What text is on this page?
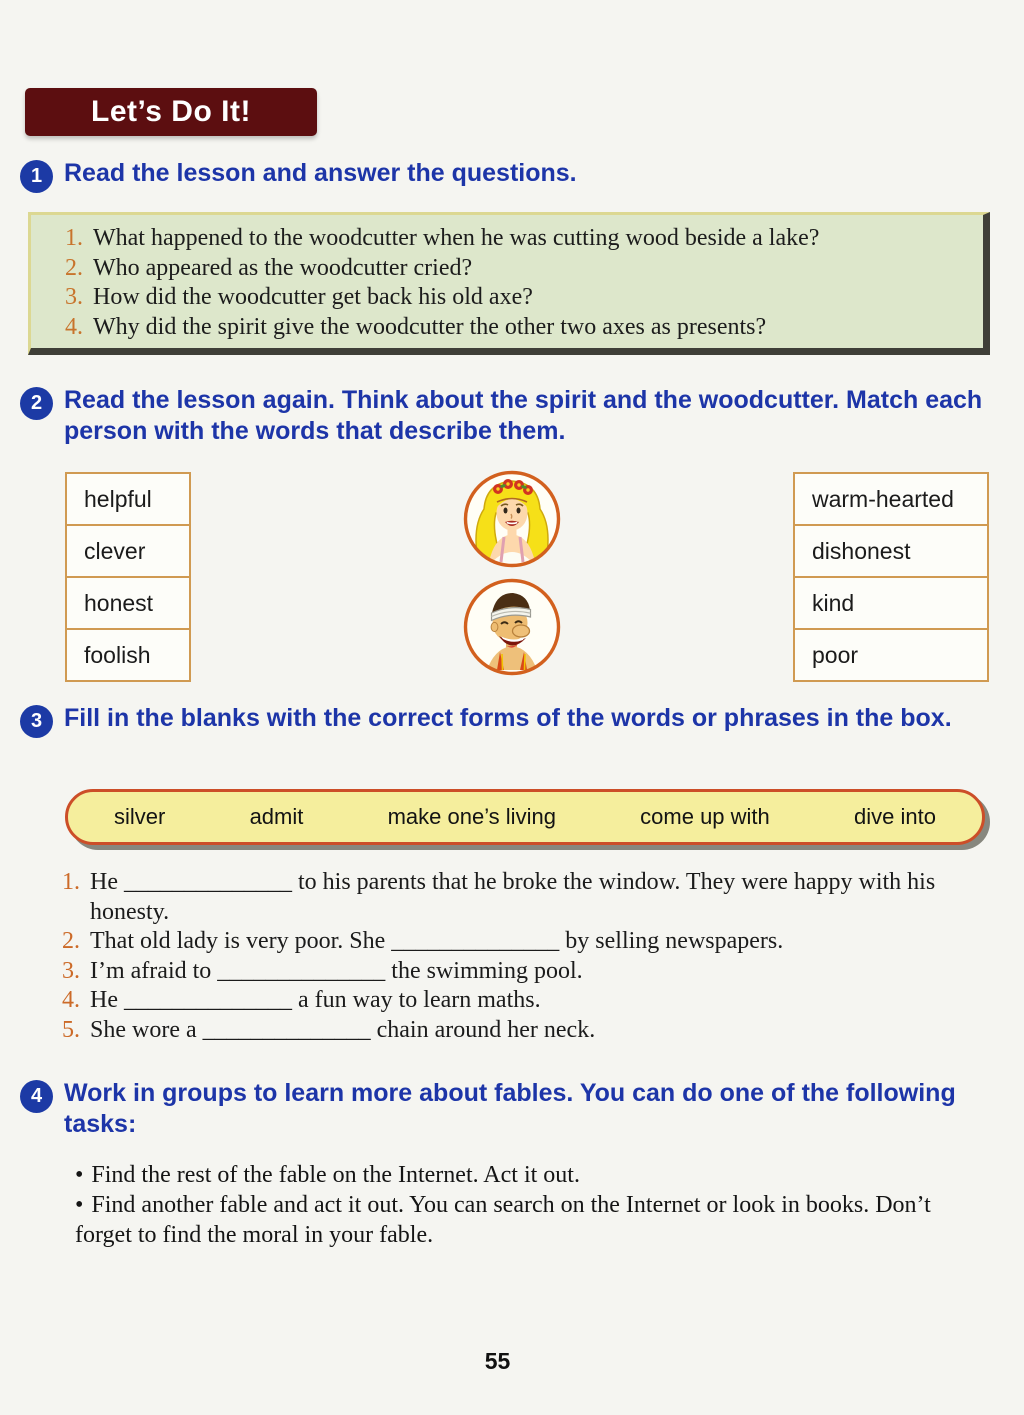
Let’s Do It!
1 Read the lesson and answer the questions.
1. What happened to the woodcutter when he was cutting wood beside a lake?
2. Who appeared as the woodcutter cried?
3. How did the woodcutter get back his old axe?
4. Why did the spirit give the woodcutter the other two axes as presents?
2 Read the lesson again. Think about the spirit and the woodcutter. Match each person with the words that describe them.
helpful
clever
honest
foolish
warm-hearted
dishonest
kind
poor
3 Fill in the blanks with the correct forms of the words or phrases in the box.
silver	admit	make one’s living	come up with	dive into
1. He ______________ to his parents that he broke the window. They were happy with his honesty.
2. That old lady is very poor. She ______________ by selling newspapers.
3. I’m afraid to ______________ the swimming pool.
4. He ______________ a fun way to learn maths.
5. She wore a ______________ chain around her neck.
4 Work in groups to learn more about fables. You can do one of the following tasks:
• Find the rest of the fable on the Internet. Act it out.
• Find another fable and act it out. You can search on the Internet or look in books. Don’t forget to find the moral in your fable.
55
